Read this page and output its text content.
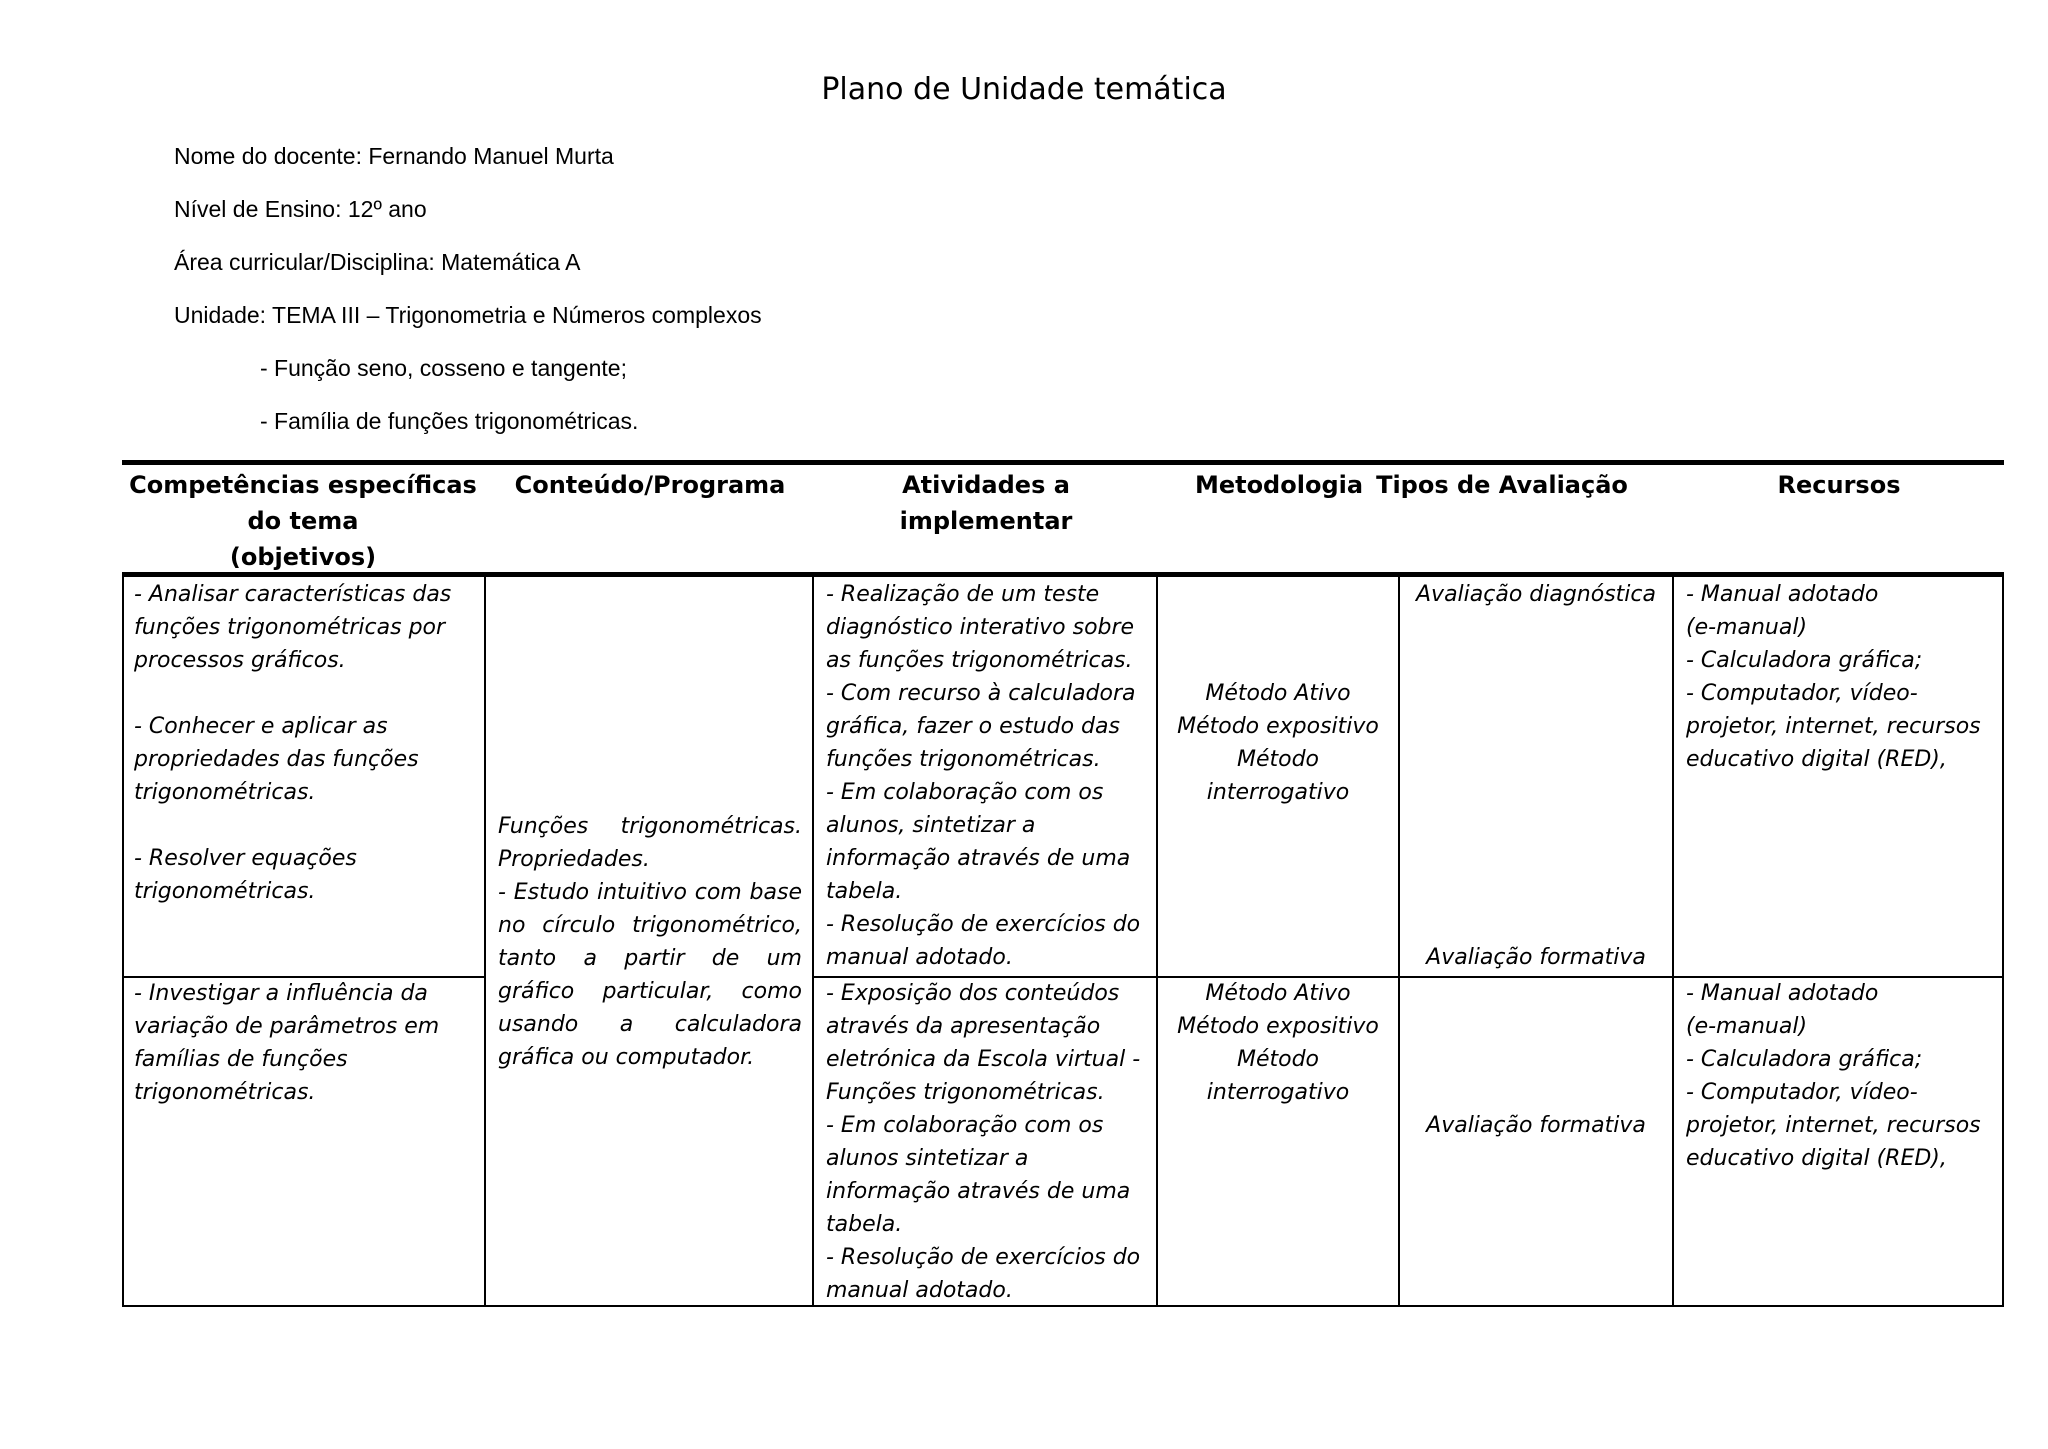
Plano de Unidade temática
Nome do docente: Fernando Manuel Murta
Nível de Ensino: 12º ano
Área curricular/Disciplina: Matemática A
Unidade: TEMA III – Trigonometria e Números complexos
- Função seno, cosseno e tangente;
- Família de funções trigonométricas.
Competências específicas
do tema
(objetivos)
Conteúdo/Programa	Atividades a implementar
Metodologia Tipos de Avaliação	Recursos
- Analisar características das
funções trigonométricas por
processos gráficos.

- Conhecer e aplicar as
propriedades das funções
trigonométricas.

- Resolver equações
trigonométricas.
- Realização de um teste
diagnóstico interativo sobre
as funções trigonométricas.
- Com recurso à calculadora
gráfica, fazer o estudo das
funções trigonométricas.
- Em colaboração com os
alunos, sintetizar a
informação através de uma
tabela.
- Resolução de exercícios do
manual adotado.
Método Ativo
Método expositivo
Método
interrogativo
Avaliação diagnóstica
Avaliação formativa
- Manual adotado
(e-manual)
- Calculadora gráfica;
- Computador, vídeo-
projetor, internet, recursos
educativo digital (RED),
Funções trigonométricas.
Propriedades.
- Estudo intuitivo com base no círculo trigonométrico, tanto a partir de um gráfico particular, como usando a calculadora gráfica ou computador.
- Investigar a influência da
variação de parâmetros em
famílias de funções
trigonométricas.
- Exposição dos conteúdos
através da apresentação
eletrónica da Escola virtual -
Funções trigonométricas.
- Em colaboração com os
alunos sintetizar a
informação através de uma
tabela.
- Resolução de exercícios do
manual adotado.
Método Ativo
Método expositivo
Método
interrogativo
Avaliação formativa
- Manual adotado
(e-manual)
- Calculadora gráfica;
- Computador, vídeo-
projetor, internet, recursos
educativo digital (RED),
